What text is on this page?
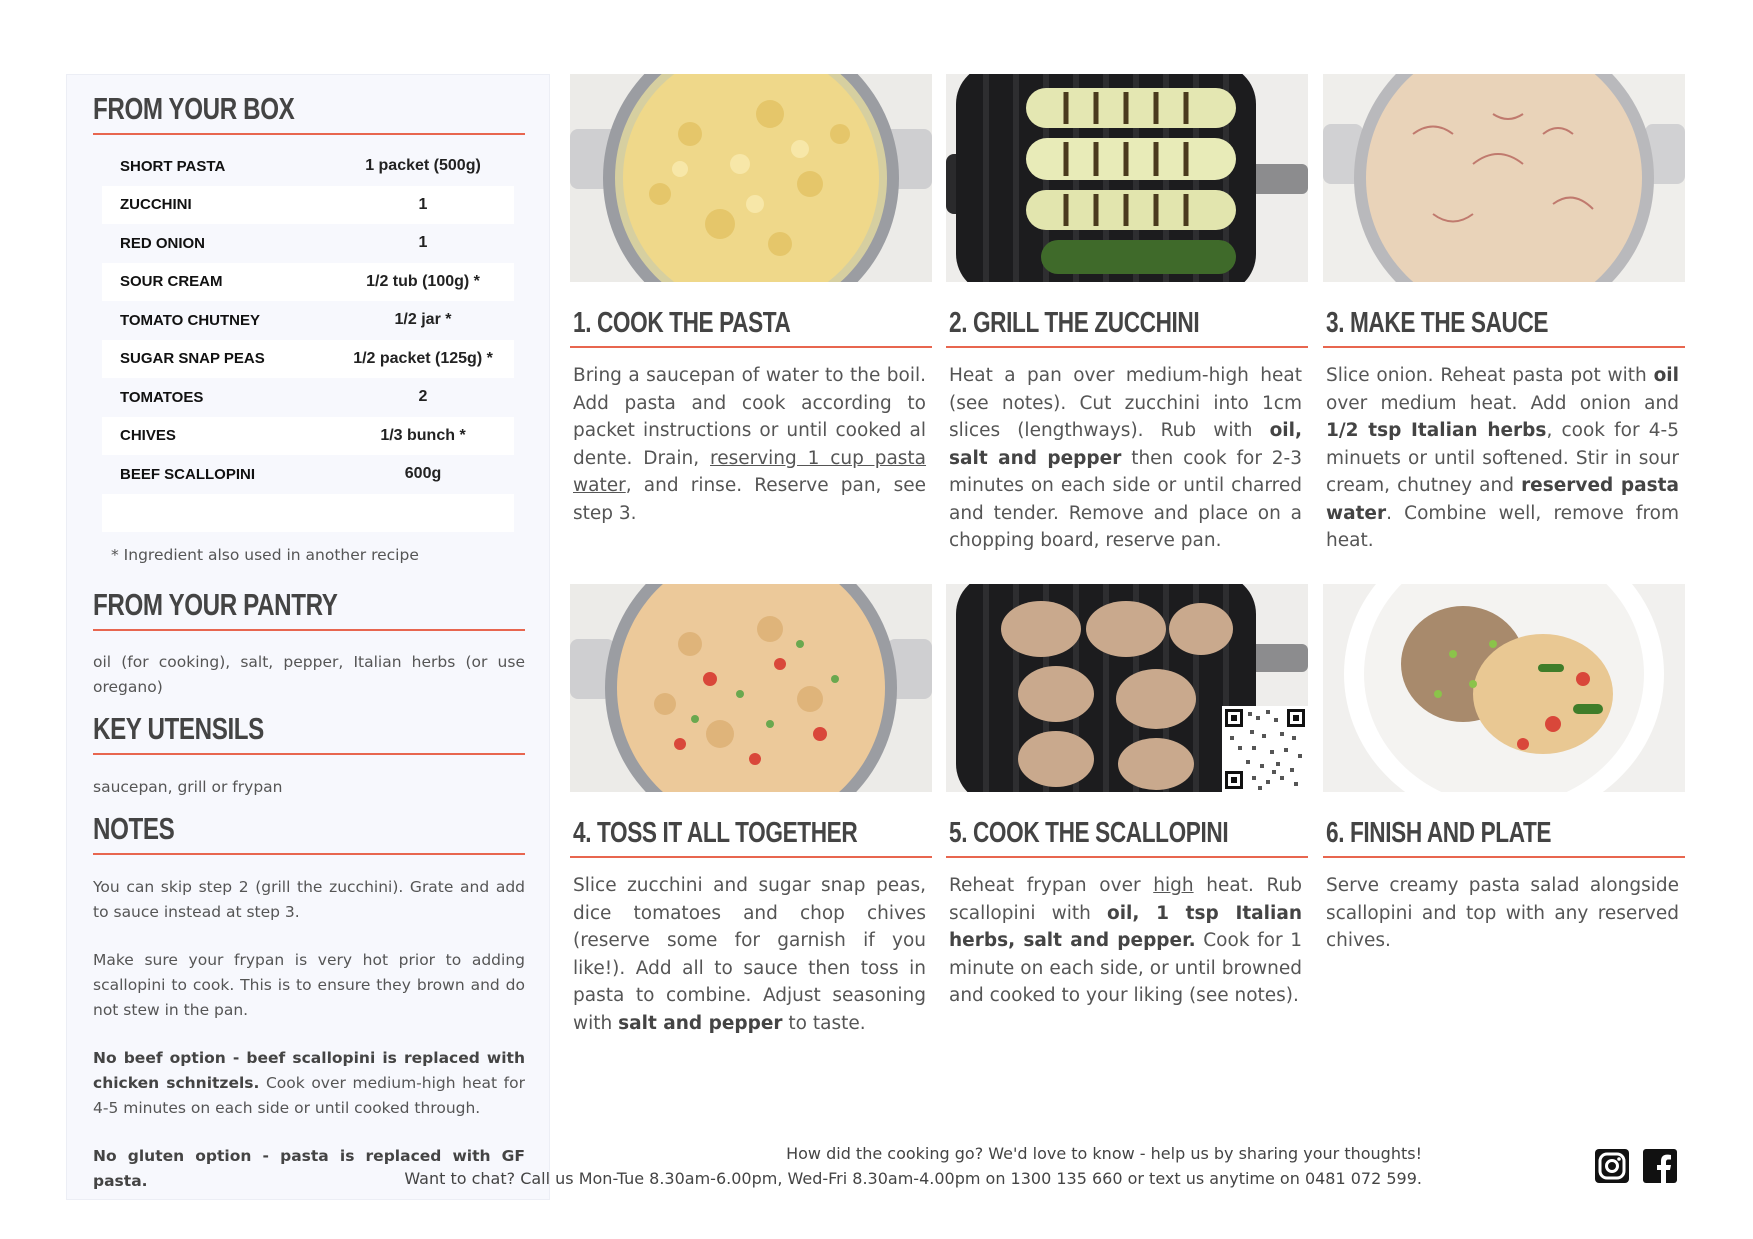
FROM YOUR BOX
SHORT PASTA	1 packet (500g)
ZUCCHINI	1
RED ONION	1
SOUR CREAM	1/2 tub (100g) *
TOMATO CHUTNEY	1/2 jar *
SUGAR SNAP PEAS	1/2 packet (125g) *
TOMATOES	2
CHIVES	1/3 bunch *
BEEF SCALLOPINI	600g
* Ingredient also used in another recipe
FROM YOUR PANTRY
oil (for cooking), salt, pepper, Italian herbs (or use oregano)
KEY UTENSILS
saucepan, grill or frypan
NOTES

You can skip step 2 (grill the zucchini). Grate and add to sauce instead at step 3.

Make sure your frypan is very hot prior to adding scallopini to cook. This is to ensure they brown and do not stew in the pan.

No beef option - beef scallopini is replaced with chicken schnitzels. Cook over medium-high heat for 4-5 minutes on each side or until cooked through.

No gluten option - pasta is replaced with GF pasta.

1. COOK THE PASTA
Bring a saucepan of water to the boil. Add pasta and cook according to packet instructions or until cooked al dente. Drain, reserving 1 cup pasta water, and rinse. Reserve pan, see step 3.
2. GRILL THE ZUCCHINI
Heat a pan over medium-high heat (see notes). Cut zucchini into 1cm slices (lengthways). Rub with oil, salt and pepper then cook for 2-3 minutes on each side or until charred and tender. Remove and place on a chopping board, reserve pan.
3. MAKE THE SAUCE
Slice onion. Reheat pasta pot with oil over medium heat. Add onion and 1/2 tsp Italian herbs, cook for 4-5 minuets or until softened. Stir in sour cream, chutney and reserved pasta water. Combine well, remove from heat.
4. TOSS IT ALL TOGETHER
Slice zucchini and sugar snap peas, dice tomatoes and chop chives (reserve some for garnish if you like!). Add all to sauce then toss in pasta to combine. Adjust seasoning with salt and pepper to taste.
5. COOK THE SCALLOPINI
Reheat frypan over high heat. Rub scallopini with oil, 1 tsp Italian herbs, salt and pepper. Cook for 1 minute on each side, or until browned and cooked to your liking (see notes).
6. FINISH AND PLATE
Serve creamy pasta salad alongside scallopini and top with any reserved chives.
How did the cooking go? We'd love to know - help us by sharing your thoughts!
Want to chat? Call us Mon-Tue 8.30am-6.00pm, Wed-Fri 8.30am-4.00pm on 1300 135 660 or text us anytime on 0481 072 599.
